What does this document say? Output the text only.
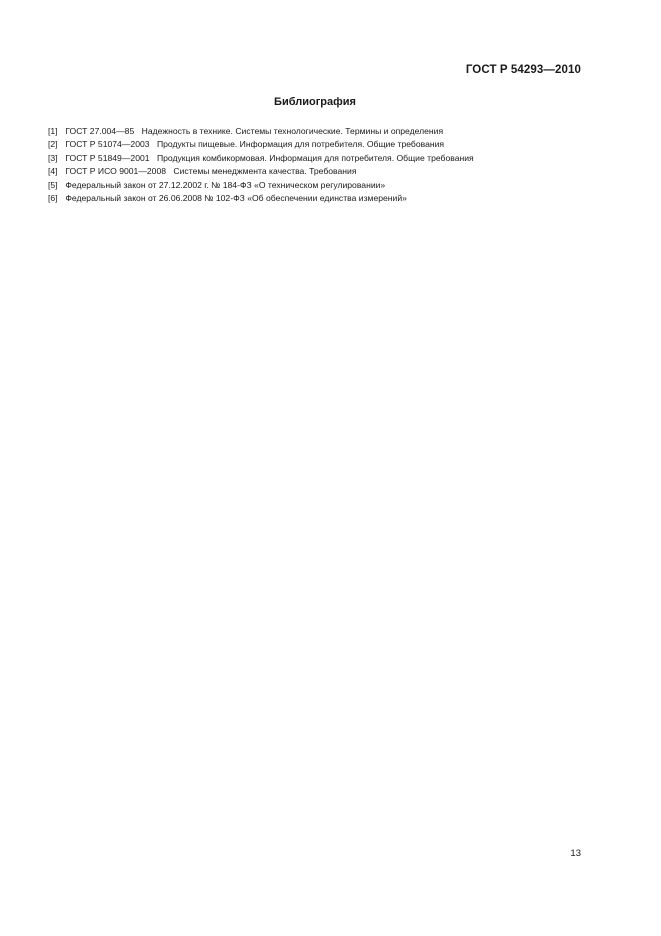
ГОСТ Р 54293—2010
Библиография
[1] ГОСТ 27.004—85 Надежность в технике. Системы технологические. Термины и определения
[2] ГОСТ Р 51074—2003 Продукты пищевые. Информация для потребителя. Общие требования
[3] ГОСТ Р 51849—2001 Продукция комбикормовая. Информация для потребителя. Общие требования
[4] ГОСТ Р ИСО 9001—2008 Системы менеджмента качества. Требования
[5] Федеральный закон от 27.12.2002 г. № 184-ФЗ «О техническом регулировании»
[6] Федеральный закон от 26.06.2008 № 102-ФЗ «Об обеспечении единства измерений»
13
